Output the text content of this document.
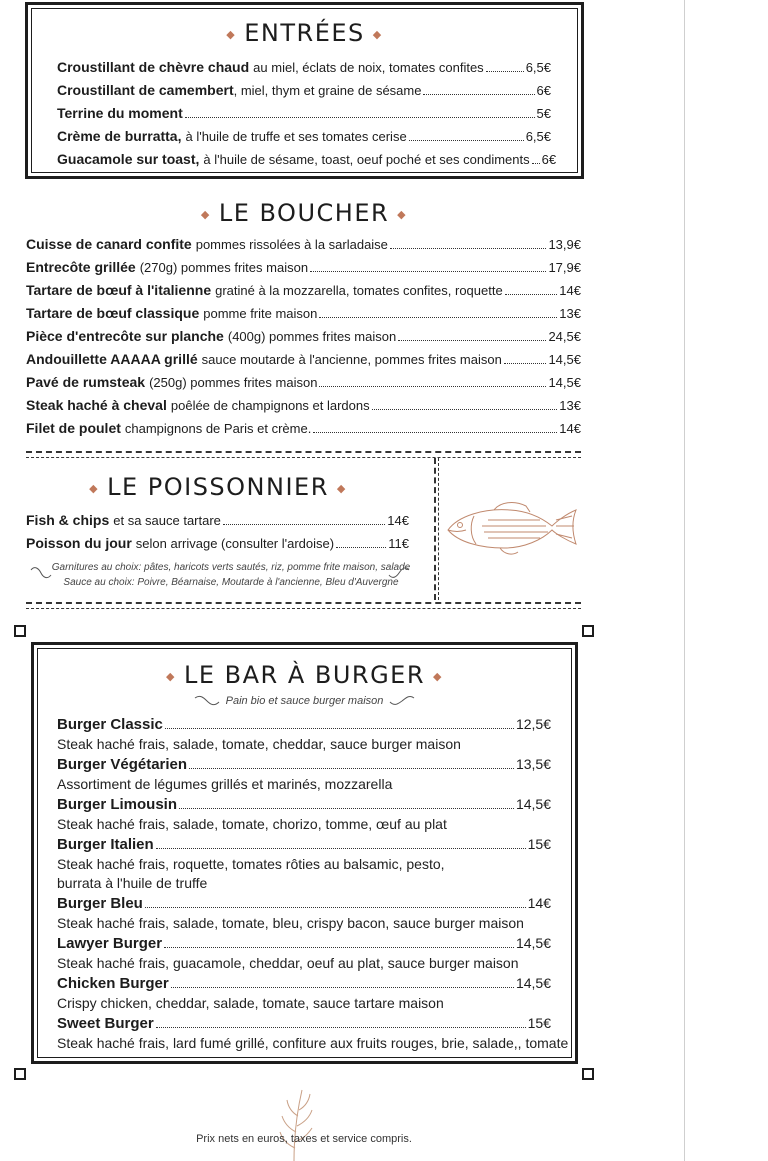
◆ ENTRÉES ◆
Croustillant de chèvre chaud au miel, éclats de noix, tomates confites	6,5€
Croustillant de camembert , miel, thym et graine de sésame	6€
Terrine du moment	5€
Crème de burratta, à l'huile de truffe et ses tomates cerise	6,5€
Guacamole sur toast, à l'huile de sésame, toast, oeuf poché et ses condiments 6€
◆ LE BOUCHER ◆
Cuisse de canard confite pommes rissolées à la sarladaise	13,9€
Entrecôte grillée (270g) pommes frites maison	17,9€
Tartare de bœuf à l'italienne gratiné à la mozzarella, tomates confites, roquette	14€
Tartare de bœuf classique pomme frite maison	13€
Pièce d'entrecôte sur planche (400g) pommes frites maison	24,5€
Andouillette AAAAA grillé sauce moutarde à l'ancienne, pommes frites maison	14,5€
Pavé de rumsteak (250g) pommes frites maison	14,5€
Steak haché à cheval poêlée de champignons et lardons	13€
Filet de poulet champignons de Paris et crème.	14€
◆ LE POISSONNIER ◆
Fish & chips et sa sauce tartare	14€
Poisson du jour selon arrivage (consulter l'ardoise)	11€
Garnitures au choix: pâtes, haricots verts sautés, riz, pomme frite maison, salade
Sauce au choix: Poivre, Béarnaise, Moutarde à l'ancienne, Bleu d'Auvergne
◆ LE BAR À BURGER ◆
Pain bio et sauce burger maison
Burger Classic	12,5€
Steak haché frais, salade, tomate, cheddar, sauce burger maison
Burger Végétarien	13,5€
Assortiment de légumes grillés et marinés, mozzarella
Burger Limousin	14,5€
Steak haché frais, salade, tomate, chorizo, tomme, œuf au plat
Burger Italien	15€
Steak haché frais, roquette, tomates rôties au balsamic, pesto,
burrata à l'huile de truffe
Burger Bleu	14€
Steak haché frais, salade, tomate, bleu, crispy bacon, sauce burger maison
Lawyer Burger	14,5€
Steak haché frais, guacamole, cheddar, oeuf au plat, sauce burger maison
Chicken Burger	14,5€
Crispy chicken, cheddar, salade, tomate, sauce tartare maison
Sweet Burger	15€
Steak haché frais, lard fumé grillé, confiture aux fruits rouges, brie, salade,, tomate
Prix nets en euros, taxes et service compris.
